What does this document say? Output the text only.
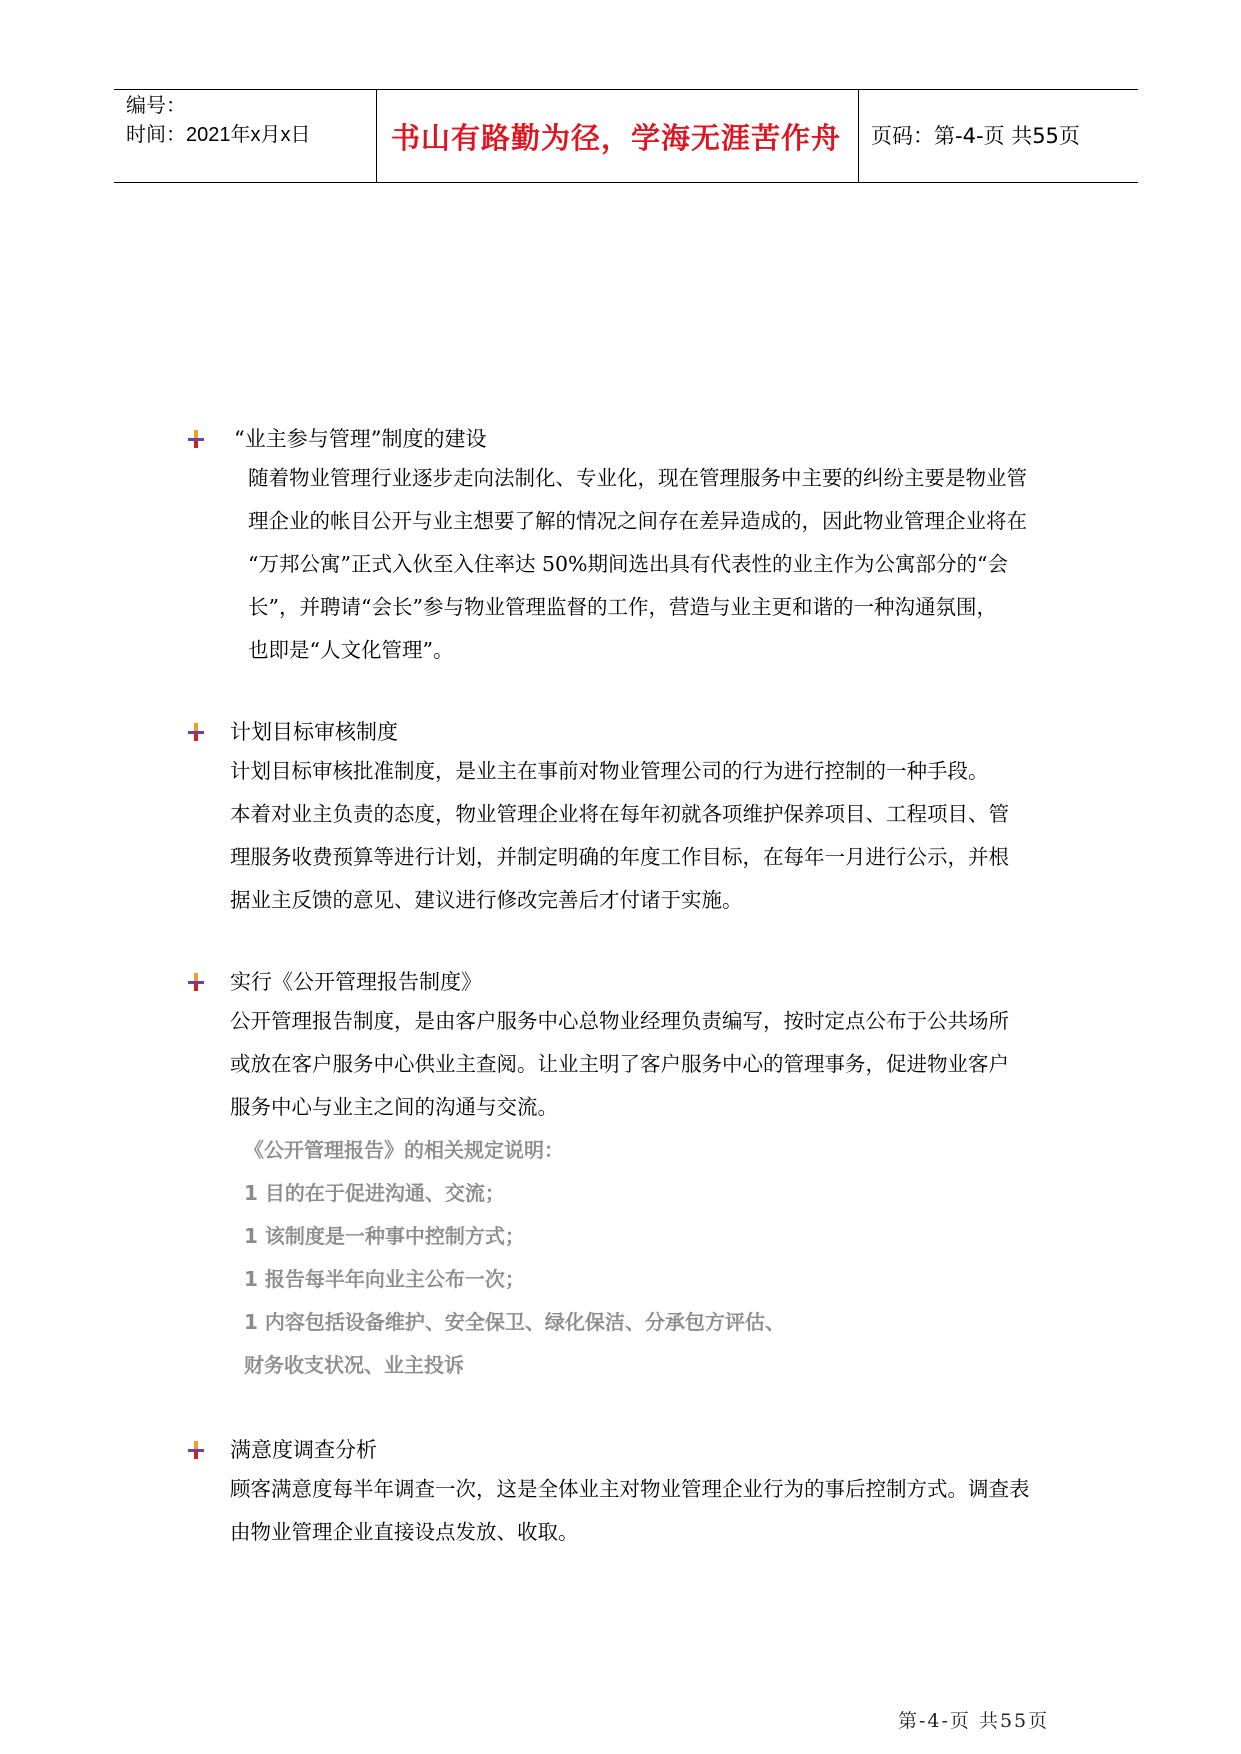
编号：
时间：2021年x月x日	书山有路勤为径，学海无涯苦作舟	页码：第-4-页 共55页
“业主参与管理”制度的建设
随着物业管理行业逐步走向法制化、专业化，现在管理服务中主要的纠纷主要是物业管
理企业的帐目公开与业主想要了解的情况之间存在差异造成的，因此物业管理企业将在
“万邦公寓”正式入伙至入住率达 50%期间选出具有代表性的业主作为公寓部分的“会
长”，并聘请“会长”参与物业管理监督的工作，营造与业主更和谐的一种沟通氛围，
也即是“人文化管理”。
计划目标审核制度
计划目标审核批准制度，是业主在事前对物业管理公司的行为进行控制的一种手段。
本着对业主负责的态度，物业管理企业将在每年初就各项维护保养项目、工程项目、管
理服务收费预算等进行计划，并制定明确的年度工作目标，在每年一月进行公示，并根
据业主反馈的意见、建议进行修改完善后才付诸于实施。
实行《公开管理报告制度》
公开管理报告制度，是由客户服务中心总物业经理负责编写，按时定点公布于公共场所
或放在客户服务中心供业主查阅。让业主明了客户服务中心的管理事务，促进物业客户
服务中心与业主之间的沟通与交流。
《公开管理报告》的相关规定说明：
1 目的在于促进沟通、交流；
1 该制度是一种事中控制方式；
1 报告每半年向业主公布一次；
1 内容包括设备维护、安全保卫、绿化保洁、分承包方评估、
财务收支状况、业主投诉
满意度调查分析
顾客满意度每半年调查一次，这是全体业主对物业管理企业行为的事后控制方式。调查表
由物业管理企业直接设点发放、收取。
第-4-页 共55页
